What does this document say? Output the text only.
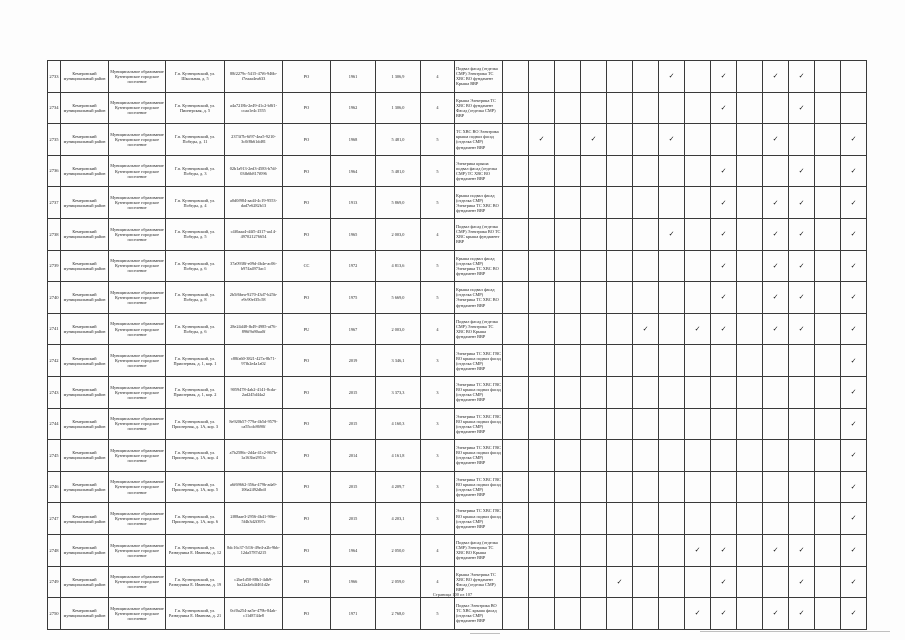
2733	Кемеровский муниципальный район	Муниципальное образование Кузнецовское городское поселение	Г.п. Кузнецовский, ул. Школьная, д. 5	88f2279c-5415-47f6-946b-f7eaaa4ea633	PO	1961	1 306,9	4	Подвал фасад (отделка СМР) Электрика ТС ХВС ВО фундамент Крыша ВВР							✓		✓		✓	✓		
2734	Кемеровский муниципальный район	Муниципальное образование Кузнецовское городское поселение	Г.п. Кузнецовский, ул. Пионерская, д. 5	a4a7218b-2e49-41c2-b8f1-ccaa1e4c1555	PO	1962	1 306,0	4	Крыша Электрика ТС ХВС ВО фундамент Фасад (отделка СМР) ВВР									✓			✓		
2735	Кемеровский муниципальный район	Муниципальное образование Кузнецовское городское поселение	Г.п. Кузнецовский, ул. Победы, д. 11	2373f7b-6f97-4ea5-9210-3c0f8b61dd81	PO	1968	5 481,0	5	ТС ХВС ВО Электрика крыша подвал фасад (отделка СМР) фундамент ВВР		✓		✓			✓				✓			✓
2736	Кемеровский муниципальный район	Муниципальное образование Кузнецовское городское поселение	Г.п. Кузнецовский, ул. Победы, д. 3	02b1a913-2ed3-4583-b7df-03fb6b817f096	PO	1964	5 481,0	5	Электрика крыша подвал фасад (отделка СМР) ТС ХВС ВО фундамент ВВР									✓			✓		✓
2737	Кемеровский муниципальный район	Муниципальное образование Кузнецовское городское поселение	Г.п. Кузнецовский, ул. Победы, д. 4	a0d0f984-aad4-4c19-9553-dad7e6282b13	PO	1913	5 869,0	5	Крыша подвал фасад (отделка СМР) Электрика ТС ХВС ВО фундамент ВВР									✓		✓	✓		✓
2738	Кемеровский муниципальный район	Муниципальное образование Кузнецовское городское поселение	Г.п. Кузнецовский, ул. Победы, д. 5	c4f0aaa4-d4f5-4317-aa14-497021276654	PO	1965	2 003,0	4	Подвал фасад (отделка СМР) Электрика ВО ТС ХВС крыша фундамент ВВР							✓		✓		✓	✓		✓
2739	Кемеровский муниципальный район	Муниципальное образование Кузнецовское городское поселение	Г.п. Кузнецовский, ул. Победы, д. 6	37a0938f-e09d-4b4e-ac06-b974a4973ac1	СС	1972	4 813,6	5	Крыша подвал фасад (отделка СМР) Электрика ТС ХВС ВО фундамент ВВР									✓		✓	✓		✓
2740	Кемеровский муниципальный район	Муниципальное образование Кузнецовское городское поселение	Г.п. Кузнецовский, ул. Победы, д. 8	2b5f6bea-9270-43d7-b25b-e9c90ef35c58	PO	1975	5 669,0	5	Крыша подвал фасад (отделка СМР) Электрика ТС ХВС ВО фундамент ВВР									✓		✓	✓		✓
2741	Кемеровский муниципальный район	Муниципальное образование Кузнецовское городское поселение	Г.п. Кузнецовский, ул. Победы, д. 6	28e24d48-fb49-4985-af76-896f9a90aa0f	PU	1967	2 003,0	4	Подвал фасад (отделка СМР) Электрика ТС ХВС ВО Крыша фундамент ВВР						✓		✓	✓		✓	✓		✓
2742	Кемеровский муниципальный район	Муниципальное образование Кузнецовское городское поселение	Г.п. Кузнецовский, ул. Приозерная, д. 1, кор. 1	c88fa60-3821-427a-8b71-97fb2e4a1a02	PO	2019	3 346,1	3	Электрика ТС ХВС ГВС ВО крыша подвал фасад (отделка СМР) фундамент ВВР														✓
2743	Кемеровский муниципальный район	Муниципальное образование Кузнецовское городское поселение	Г.п. Кузнецовский, ул. Приозерная, д. 1, кор. 2	9059478-4ab2-4141-8cda-2ad245d44a2	PO	2015	3 373,3	3	Электрика ТС ХВС ГВС ВО крыша подвал фасад (отделка СМР) фундамент ВВР														✓
2744	Кемеровский муниципальный район	Муниципальное образование Кузнецовское городское поселение	Г.п. Кузнецовский, ул. Приозерная, д. 1А, кор. 3	8e920b57-779a-4b5d-9579-ca55cdc8690f	PO	2015	4 160,3	3	Электрика ТС ХВС ГВС ВО крыша подвал фасад (отделка СМР) фундамент ВВР														✓
2745	Кемеровский муниципальный район	Муниципальное образование Кузнецовское городское поселение	Г.п. Кузнецовский, ул. Приозерная, д. 1А, кор. 4	a7b2586c-2d4a-41c2-867b-1a163be2951c	PO	2014	4 161,8	3	Электрика ТС ХВС ГВС ВО крыша подвал фасад (отделка СМР) фундамент ВВР														✓
2746	Кемеровский муниципальный район	Муниципальное образование Кузнецовское городское поселение	Г.п. Кузнецовский, ул. Приозерная, д. 1А, кор. 5	a6f69662-356a-479b-ada9-106a2492dbdf	PO	2015	4 209,7	3	Электрика ТС ХВС ГВС ВО крыша подвал фасад (отделка СМР) фундамент ВВР														✓
2747	Кемеровский муниципальный район	Муниципальное образование Кузнецовское городское поселение	Г.п. Кузнецовский, ул. Приозерная, д. 1А, кор. 6	2f88aae3-2956-4b41-90fe-5f4b3d2f397c	PO	2015	4 203,1	3	Электрика ТС ХВС ГВС ВО крыша подвал фасад (отделка СМР) фундамент ВВР														✓
2748	Кемеровский муниципальный район	Муниципальное образование Кузнецовское городское поселение	Г.п. Кузнецовский, ул. Разведчика Е. Иванова, д. 12	8dc16c37-5f16-49e4-a2b-9bb-12da5787d215	PO	1964	2 050,0	4	Подвал фасад (отделка СМР) Электрика ТС ХВС ВО Крыша фундамент ВВР								✓	✓		✓	✓		✓
2749	Кемеровский муниципальный район	Муниципальное образование Кузнецовское городское поселение	Г.п. Кузнецовский, ул. Разведчика Е. Иванова, д. 19	c2be1d50-88b1-4db9-ba22a4eb4f461d2e	PO	1966	2 059,0	4	Крыша Электрика ТС ХВС ВО фундамент Фасад (отделка СМР) ВВР					✓				✓			✓		✓
2750	Кемеровский муниципальный район	Муниципальное образование Кузнецовское городское поселение	Г.п. Кузнецовский, ул. Разведчика Е. Иванова, д. 21	0cf0a254-aa5e-479b-84ab-c11d8744e8	PO	1971	2 768,0	5	Подвал Электрика ВО ТС ХВС крыша фасад (отделка СМР) фундамент ВВР								✓	✓		✓	✓		✓
Страница 100 из 107
